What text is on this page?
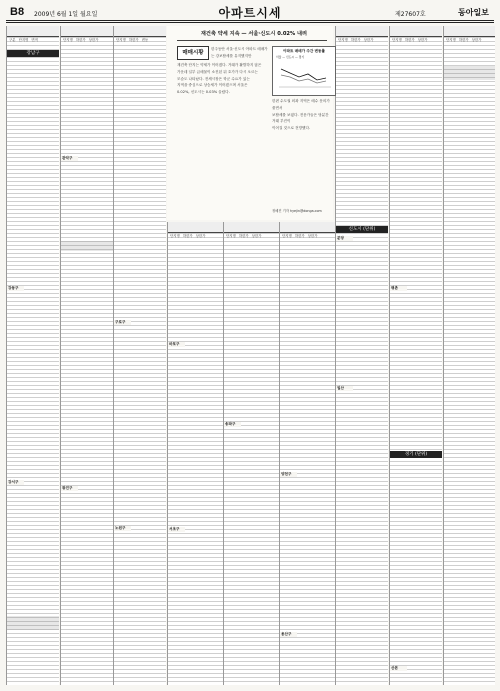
B8 2009년 6월 1일 월요일	아파트시세	제27607호	동아일보
구분 단지명 면적
강남구
강동구
강서구
단지명 하한가 상한가
관악구
광진구
단지명 하한가 변동
구로구
노원구
단지명 하한가 상한가
마포구
서초구
단지명 하한가 상한가
송파구
단지명 하한가 상한가
양천구
용산구
단지명 하한가 상한가
신도시 (단위)
분당
일산
단지명 하한가 상한가
평촌
경기 (단위)
산본
단지명 하한가 상한가
재건축 약세 지속 — 서울·신도시 0.02% 내려
매매시황
한주동안 서울·신도시 아파트 매매가는 강보합세를 유지했지만
재건축 단지는 약세가 이어졌다. 거래가 활발하지 않은
가운데 일부 급매물이 소진된 뒤 호가가 다시 오르는
모습도 나타났다. 전세시장은 학군 수요가 있는
지역을 중심으로 상승세가 이어졌으며 서울은
0.02%, 신도시는 0.03% 올랐다.
아파트 매매가 주간 변동률
서울 — 신도시 — 경기
한편 수도권 외곽 지역은 매수 문의가 줄면서
보합세를 보였다. 전문가들은 당분간 거래 부진이
이어질 것으로 전망했다.
정혜진 기자 hyejin@donga.com
